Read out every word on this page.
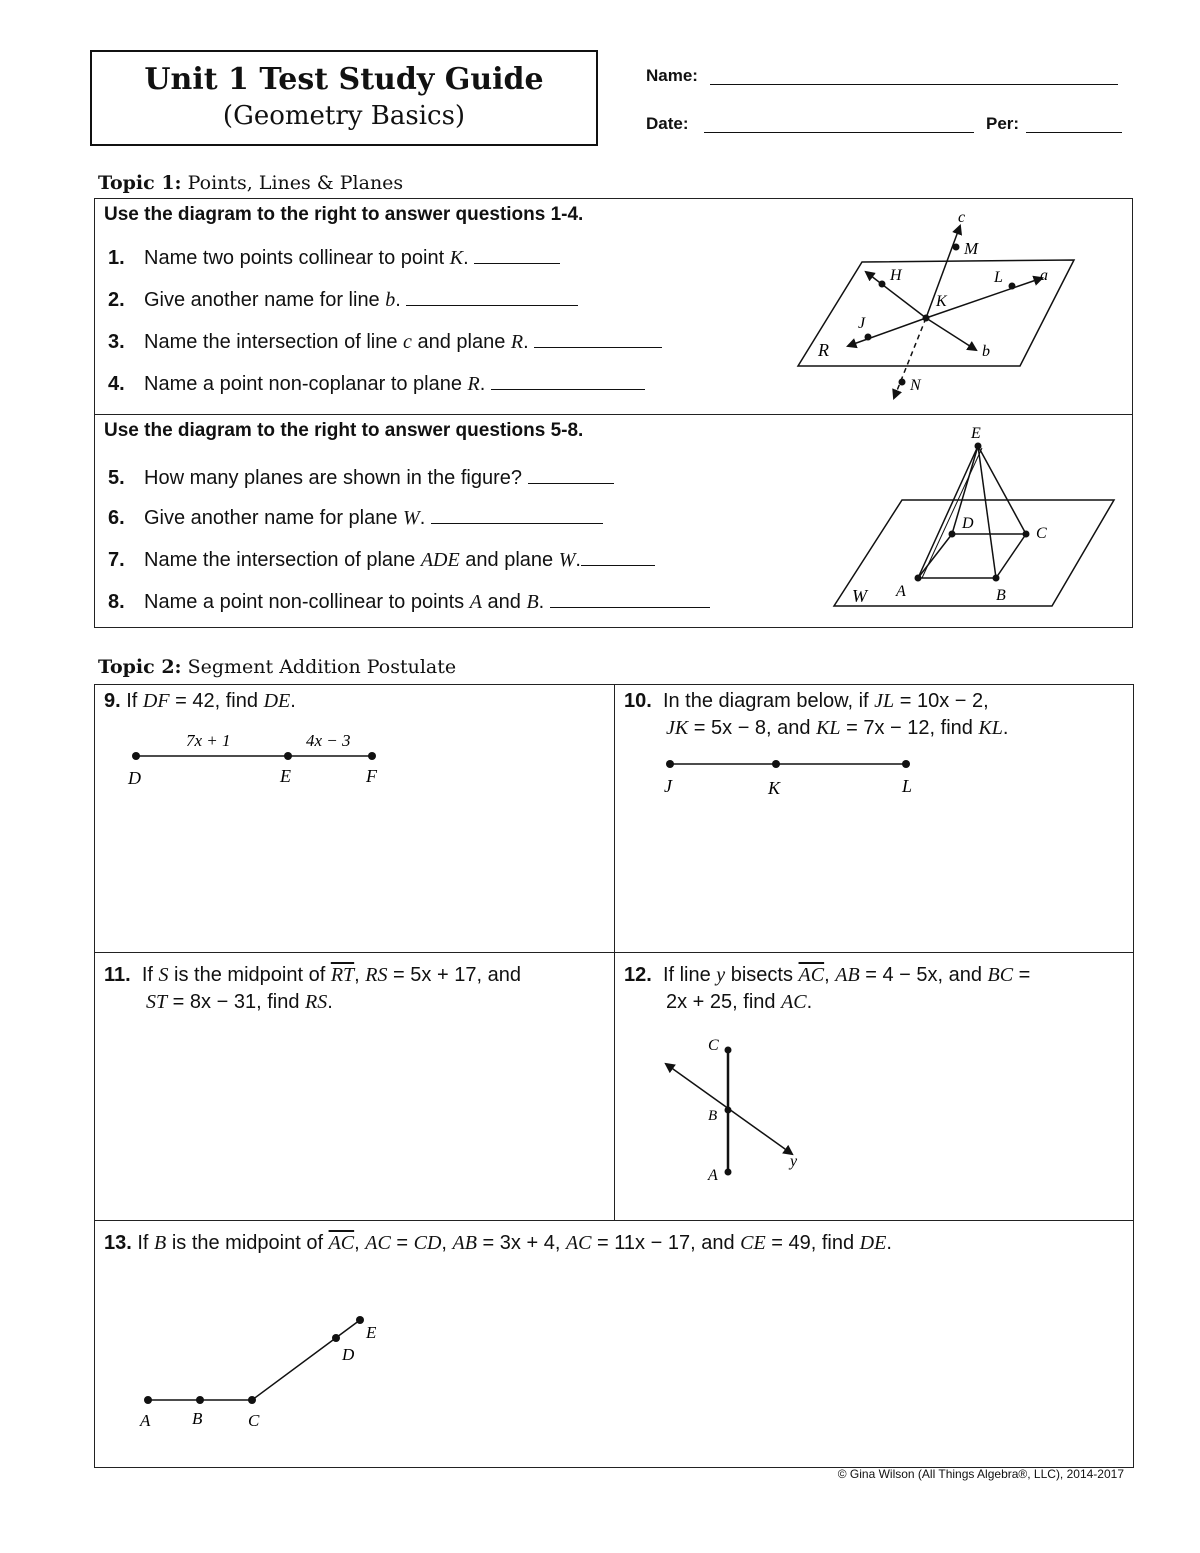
Unit 1 Test Study Guide
(Geometry Basics)
Name:
Date:	Per:
Topic 1: Points, Lines & Planes
Use the diagram to the right to answer questions 1-4.
1. Name two points collinear to point K.
2. Give another name for line b.
3. Name the intersection of line c and plane R.
4. Name a point non-coplanar to plane R.
c
M
H	L a
K
J
R	b
N
Use the diagram to the right to answer questions 5-8.
5. How many planes are shown in the figure?
6. Give another name for plane W.
7. Name the intersection of plane ADE and plane W.
8. Name a point non-collinear to points A and B.
E
D
C
A	B
W
Topic 2: Segment Addition Postulate
9. If DF = 42, find DE.
7x + 1	4x − 3
D	E	F
10. In the diagram below, if JL = 10x − 2,
JK = 5x − 8, and KL = 7x − 12, find KL.
J	K	L
11. If S is the midpoint of $\overline{RT}$, RS = 5x + 17, and
ST = 8x − 31, find RS.
12. If line y bisects $\overline{AC}$, AB = 4 − 5x, and BC =
2x + 25, find AC.
C
B
A
y
13. If B is the midpoint of $\overline{AC}$, AC = CD, AB = 3x + 4, AC = 11x − 17, and CE = 49, find DE.
A B	C
D
E
© Gina Wilson (All Things Algebra®, LLC), 2014-2017
